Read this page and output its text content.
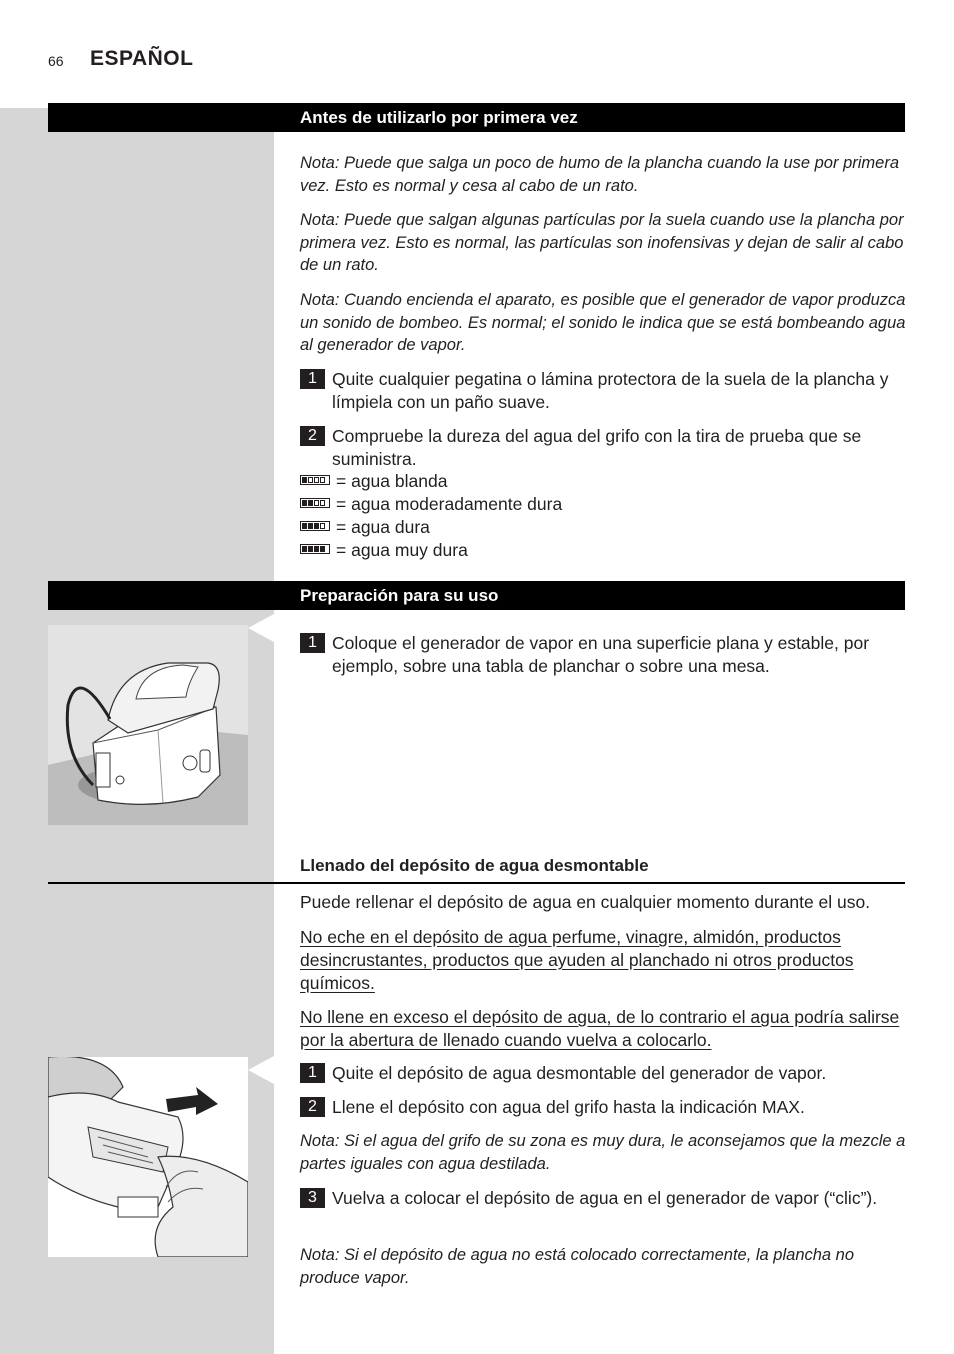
66 ESPAÑOL
Antes de utilizarlo por primera vez
Nota: Puede que salga un poco de humo de la plancha cuando la use por primera vez. Esto es normal y cesa al cabo de un rato.
Nota: Puede que salgan algunas partículas por la suela cuando use la plancha por primera vez. Esto es normal, las partículas son inofensivas y dejan de salir al cabo de un rato.
Nota: Cuando encienda el aparato, es posible que el generador de vapor produzca un sonido de bombeo. Es normal; el sonido le indica que se está bombeando agua al generador de vapor.
1 Quite cualquier pegatina o lámina protectora de la suela de la plancha y límpiela con un paño suave.
2 Compruebe la dureza del agua del grifo con la tira de prueba que se suministra.
= agua blanda
= agua moderadamente dura
= agua dura
= agua muy dura
Preparación para su uso
1 Coloque el generador de vapor en una superficie plana y estable, por ejemplo, sobre una tabla de planchar o sobre una mesa.
Llenado del depósito de agua desmontable
Puede rellenar el depósito de agua en cualquier momento durante el uso.
No eche en el depósito de agua perfume, vinagre, almidón, productos desincrustantes, productos que ayuden al planchado ni otros productos químicos.
No llene en exceso el depósito de agua, de lo contrario el agua podría salirse por la abertura de llenado cuando vuelva a colocarlo.
1 Quite el depósito de agua desmontable del generador de vapor.
2 Llene el depósito con agua del grifo hasta la indicación MAX.
Nota: Si el agua del grifo de su zona es muy dura, le aconsejamos que la mezcle a partes iguales con agua destilada.
3 Vuelva a colocar el depósito de agua en el generador de vapor (“clic”).
Nota: Si el depósito de agua no está colocado correctamente, la plancha no produce vapor.
